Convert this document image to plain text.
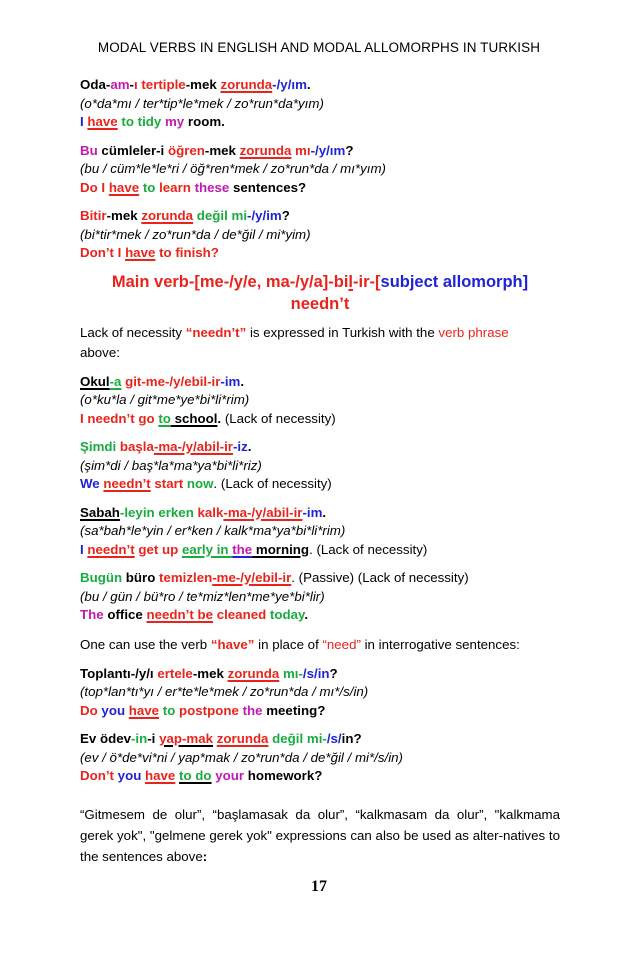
MODAL VERBS IN ENGLISH AND MODAL ALLOMORPHS IN TURKISH
Oda-am-ı tertiple-mek zorunda-/y/ım.
(o*da*mı / ter*tip*le*mek / zo*run*da*yım)
I have to tidy my room.
Bu cümleler-i öğren-mek zorunda mı-/y/ım?
(bu / cüm*le*le*ri / öğ*ren*mek / zo*run*da / mı*yım)
Do I have to learn these sentences?
Bitir-mek zorunda değil mi-/y/im?
(bi*tir*mek / zo*run*da / de*ğil / mi*yim)
Don’t I have to finish?
Main verb-[me-/y/e, ma-/y/a]-bil-ir-[subject allomorph]
needn’t
Lack of necessity “needn’t” is expressed in Turkish with the verb phrase
above:
Okul-a git-me-/y/ebil-ir-im.
(o*ku*la / git*me*ye*bi*li*rim)
I needn’t go to school. (Lack of necessity)
Şimdi başla-ma-/y/abil-ir-iz.
(şim*di / baş*la*ma*ya*bi*li*riz)
We needn’t start now. (Lack of necessity)
Sabah-leyin erken kalk-ma-/y/abil-ir-im.
(sa*bah*le*yin / er*ken / kalk*ma*ya*bi*li*rim)
I needn’t get up early in the morning. (Lack of necessity)
Bugün büro temizlen-me-/y/ebil-ir. (Passive) (Lack of necessity)
(bu / gün / bü*ro / te*miz*len*me*ye*bi*lir)
The office needn’t be cleaned today.
One can use the verb “have” in place of “need” in interrogative sentences:
Toplantı-/y/ı ertele-mek zorunda mı-/s/in?
(top*lan*tı*yı / er*te*le*mek / zo*run*da / mı*/s/in)
Do you have to postpone the meeting?
Ev ödev-in-i yap-mak zorunda değil mi-/s/in?
(ev / ö*de*vi*ni / yap*mak / zo*run*da / de*ğil / mi*/s/in)
Don’t you have to do your homework?
“Gitmesem de olur”, “başlamasak da olur”, “kalkmasam da olur”, "kalkmama gerek yok", "gelmene gerek yok" expressions can also be used as alter-natives to the sentences above:
17
